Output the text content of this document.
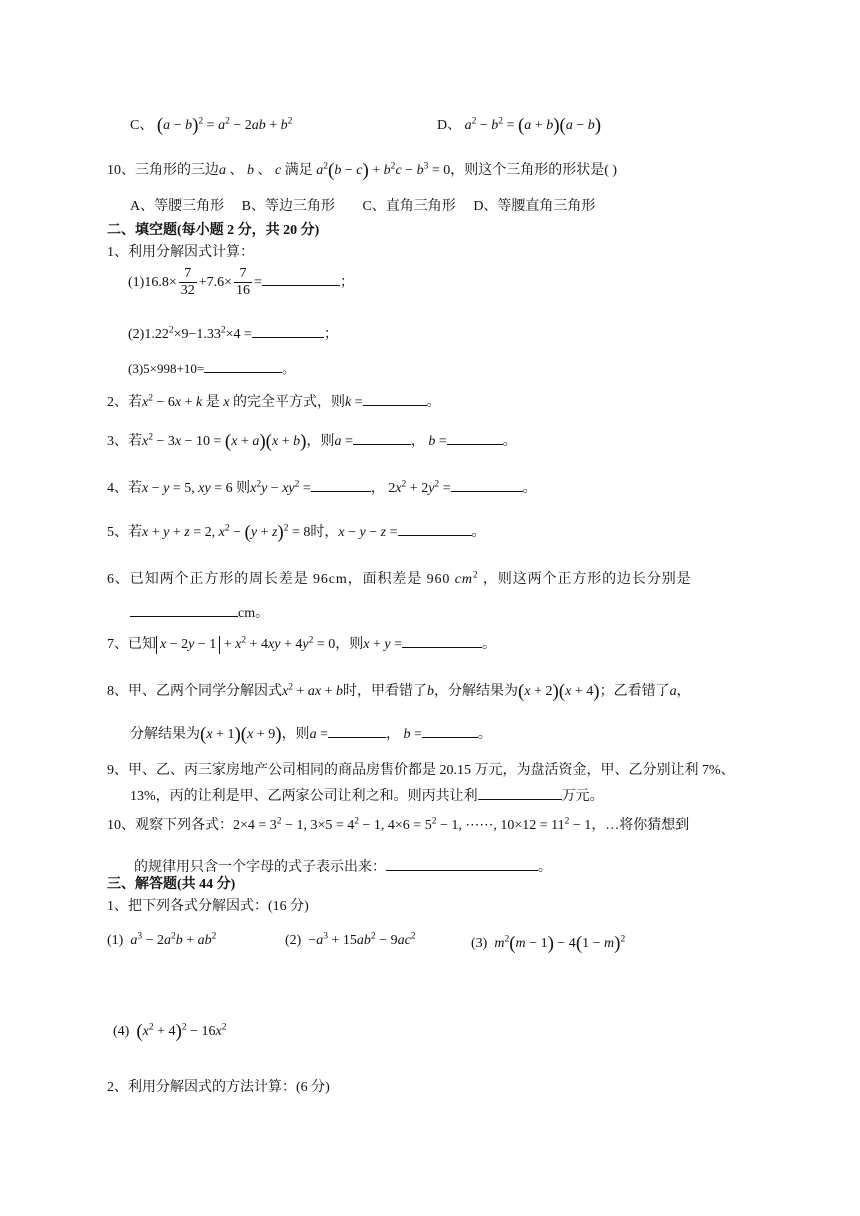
C、 $(a - b)^2 = a^2 - 2ab + b^2$	D、 $a^2 - b^2 = (a + b)(a - b)$
10、三角形的三边a 、 b 、 c 满足 $a^2(b - c) + b^2c - b^3 = 0$，则这个三角形的形状是( )
A、等腰三角形 B、等边三角形 C、直角三角形 D、等腰直角三角形
二、填空题(每小题 2 分，共 20 分)
1、利用分解因式计算：
$(1)16.8\times \frac{7}{32} +7.6\times \frac{7}{16}$ =	；
$(2)1.22^2\times 9-1.33^2\times 4$ =	；
(3)5×998+10=	。
2、若$x^2 - 6x + k$ 是 x 的完全平方式，则k =	。
3、若$x^2 - 3x - 10 = (x + a)(x + b)$，则a =	， b =	。
4、若x − y = 5, xy = 6 则$x^2y - xy^2$ =	， $2x^2 + 2y^2$ =	。
5、若x + y + z = 2, $x^2 - (y + z)^2 = 8$时，x − y − z =	。
6、已知两个正方形的周长差是 96cm，面积差是 960 $cm^2$ ，则这两个正方形的边长分别是
cm。
7、已知 $x - 2y - 1 + x^2 + 4xy + 4y^2 = 0$，则x + y =	。
8、甲、乙两个同学分解因式$x^2$ + ax + b时，甲看错了b，分解结果为(x + 2)(x + 4)；乙看错了a，
分解结果为(x + 1)(x + 9)，则a =	， b =	。
9、甲、乙、丙三家房地产公司相同的商品房售价都是 20.15 万元，为盘活资金，甲、乙分别让利 7%、
13%，丙的让利是甲、乙两家公司让利之和。则丙共让利	万元。
10、观察下列各式：$2\times 4 = 3^2 - 1$, $3\times 5 = 4^2 - 1$, $4\times 6 = 5^2 - 1$, ⋯⋯, $10\times 12 = 11^2 - 1$，…将你猜想到
的规律用只含一个字母的式子表示出来：	。
三、解答题(共 44 分)
1、把下列各式分解因式：(16 分)
(1) $a^3 - 2a^2b + ab^2$	$(2) -a^3 + 15ab^2 - 9ac^2$	(3) $m^2(m - 1) - 4(1 - m)^2$
(4) $(x^2 + 4)^2 - 16x^2$
2、利用分解因式的方法计算：(6 分)
